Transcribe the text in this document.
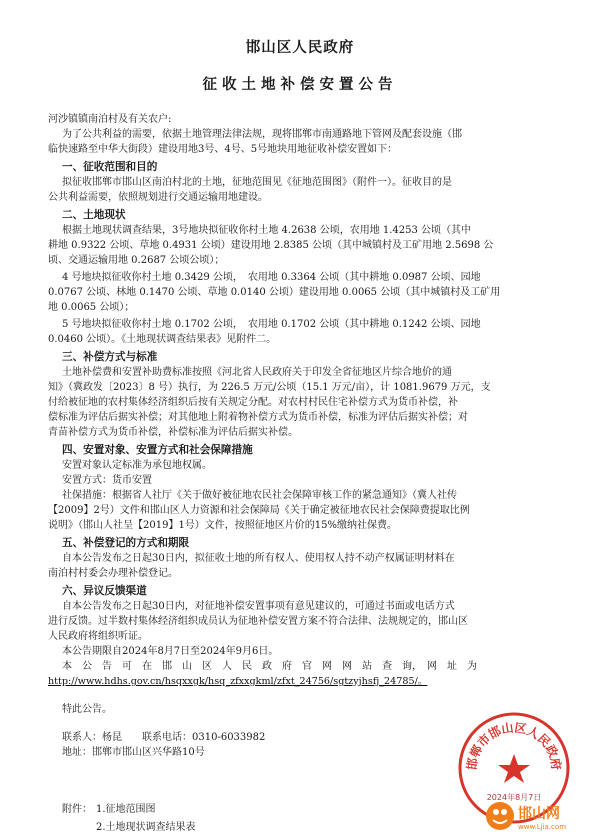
邯山区人民政府
征收土地补偿安置公告
河沙镇镇南泊村及有关农户:
为了公共利益的需要，依据土地管理法律法规，现将邯郸市南通路地下管网及配套设施（邯
临快速路至中华大街段）建设用地3号、4号、5号地块用地征收补偿安置如下：
一、征收范围和目的
拟征收邯郸市邯山区南泊村北的土地，征地范围见《征地范围图》（附件一）。征收目的是
公共利益需要，依照规划进行交通运输用地建设。
二、土地现状
根据土地现状调查结果，3号地块拟征收你村土地 4.2638 公顷，农用地 1.4253 公顷（其中
耕地 0.9322 公顷、草地 0.4931 公顷）建设用地 2.8385 公顷（其中城镇村及工矿用地 2.5698 公
顷、交通运输用地 0.2687 公顷公顷）；
4 号地块拟征收你村土地 0.3429 公顷，　农用地 0.3364 公顷（其中耕地 0.0987 公顷、园地
0.0767 公顷、林地 0.1470 公顷、草地 0.0140 公顷）建设用地 0.0065 公顷（其中城镇村及工矿用
地 0.0065 公顷）；
5 号地块拟征收你村土地 0.1702 公顷，　农用地 0.1702 公顷（其中耕地 0.1242 公顷、园地
0.0460 公顷）。《土地现状调查结果表》见附件二。
三、补偿方式与标准
土地补偿费和安置补助费标准按照《河北省人民政府关于印发全省征地区片综合地价的通
知》（冀政发〔2023〕8 号）执行，为 226.5 万元/公顷（15.1 万元/亩），计 1081.9679 万元，支
付给被征地的农村集体经济组织后按有关规定分配。对农村村民住宅补偿方式为货币补偿，补
偿标准为评估后据实补偿；对其他地上附着物补偿方式为货币补偿，标准为评估后据实补偿；对
青苗补偿方式为货币补偿，补偿标准为评估后据实补偿。
四、安置对象、安置方式和社会保障措施
安置对象认定标准为承包地权属。
安置方式：货币安置
社保措施：根据省人社厅《关于做好被征地农民社会保障审核工作的紧急通知》（冀人社传
【2009】2号）文件和邯山区人力资源和社会保障局《关于确定被征地农民社会保障费提取比例
说明》（邯山人社呈【2019】1号）文件，按照征地区片价的15%缴纳社保费。
五、补偿登记的方式和期限
自本公告发布之日起30日内，拟征收土地的所有权人、使用权人持不动产权属证明材料在
南泊村村委会办理补偿登记。
六、异议反馈渠道
自本公告发布之日起30日内，对征地补偿安置事项有意见建议的，可通过书面或电话方式
进行反馈。过半数村集体经济组织成员认为征地补偿安置方案不符合法律、法规规定的，邯山区
人民政府将组织听证。
本公告期限自2024年8月7日至2024年9月6日。
本　公　告　可　在　邯　山　区　人　民　政　府　官　网　网　站　查　询，　网　址　为
http://www.hdhs.gov.cn/hsqxxgk/hsq_zfxxgkml/zfxt_24756/sgtzyjhsfj_24785/。
特此公告。
联系人：杨昆　　联系电话：0310-6033982
地址：邯郸市邯山区兴华路10号
附件： 1.征地范围图
2.土地现状调查结果表
邯郸市邯山区人民政府
2024年8月7日
邯山网
www.Ljia.com
